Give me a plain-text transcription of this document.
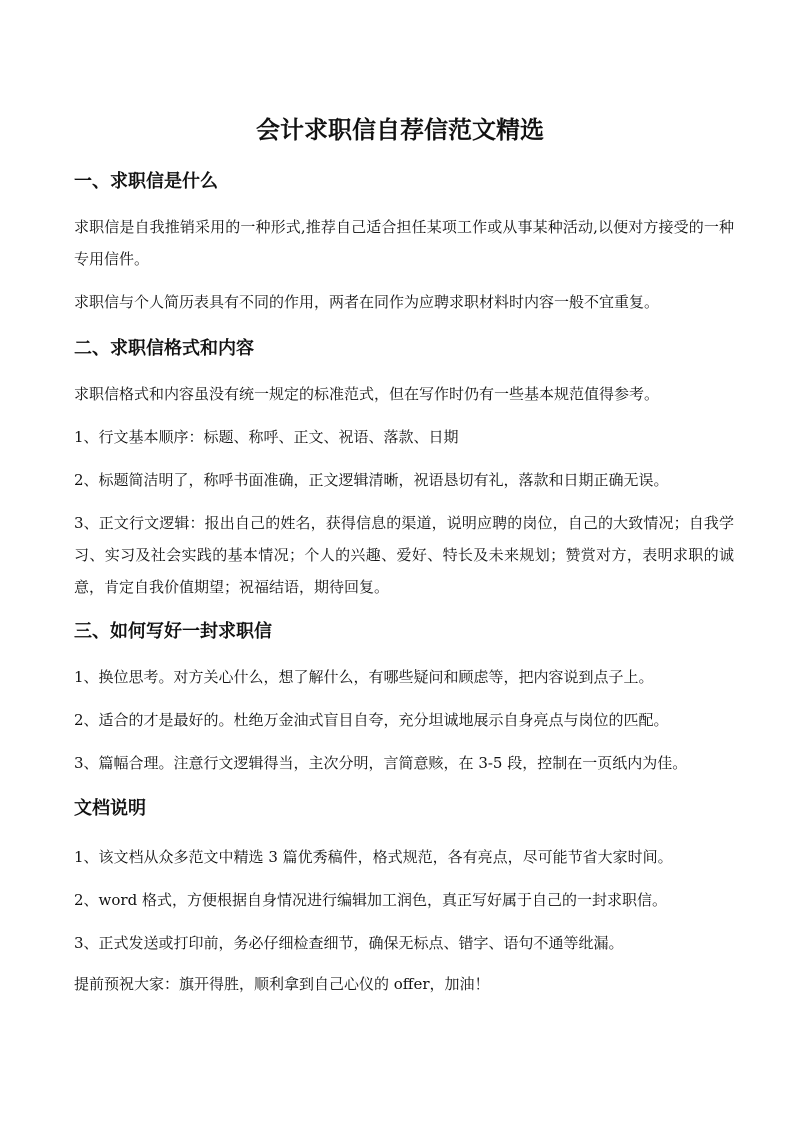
会计求职信自荐信范文精选
一、求职信是什么

求职信是自我推销采用的一种形式,推荐自己适合担任某项工作或从事某种活动,以便对方接受的一种专用信件。

求职信与个人简历表具有不同的作用，两者在同作为应聘求职材料时内容一般不宜重复。

二、求职信格式和内容

求职信格式和内容虽没有统一规定的标准范式，但在写作时仍有一些基本规范值得参考。

1、行文基本顺序：标题、称呼、正文、祝语、落款、日期

2、标题简洁明了，称呼书面准确，正文逻辑清晰，祝语恳切有礼，落款和日期正确无误。

3、正文行文逻辑：报出自己的姓名，获得信息的渠道，说明应聘的岗位，自己的大致情况；自我学习、实习及社会实践的基本情况；个人的兴趣、爱好、特长及未来规划；赞赏对方，表明求职的诚意，肯定自我价值期望；祝福结语，期待回复。

三、如何写好一封求职信

1、换位思考。对方关心什么，想了解什么，有哪些疑问和顾虑等，把内容说到点子上。

2、适合的才是最好的。杜绝万金油式盲目自夸，充分坦诚地展示自身亮点与岗位的匹配。

3、篇幅合理。注意行文逻辑得当，主次分明，言简意赅，在 3-5 段，控制在一页纸内为佳。

文档说明

1、该文档从众多范文中精选 3 篇优秀稿件，格式规范，各有亮点，尽可能节省大家时间。

2、word 格式，方便根据自身情况进行编辑加工润色，真正写好属于自己的一封求职信。

3、正式发送或打印前，务必仔细检查细节，确保无标点、错字、语句不通等纰漏。

提前预祝大家：旗开得胜，顺利拿到自己心仪的 offer，加油！
